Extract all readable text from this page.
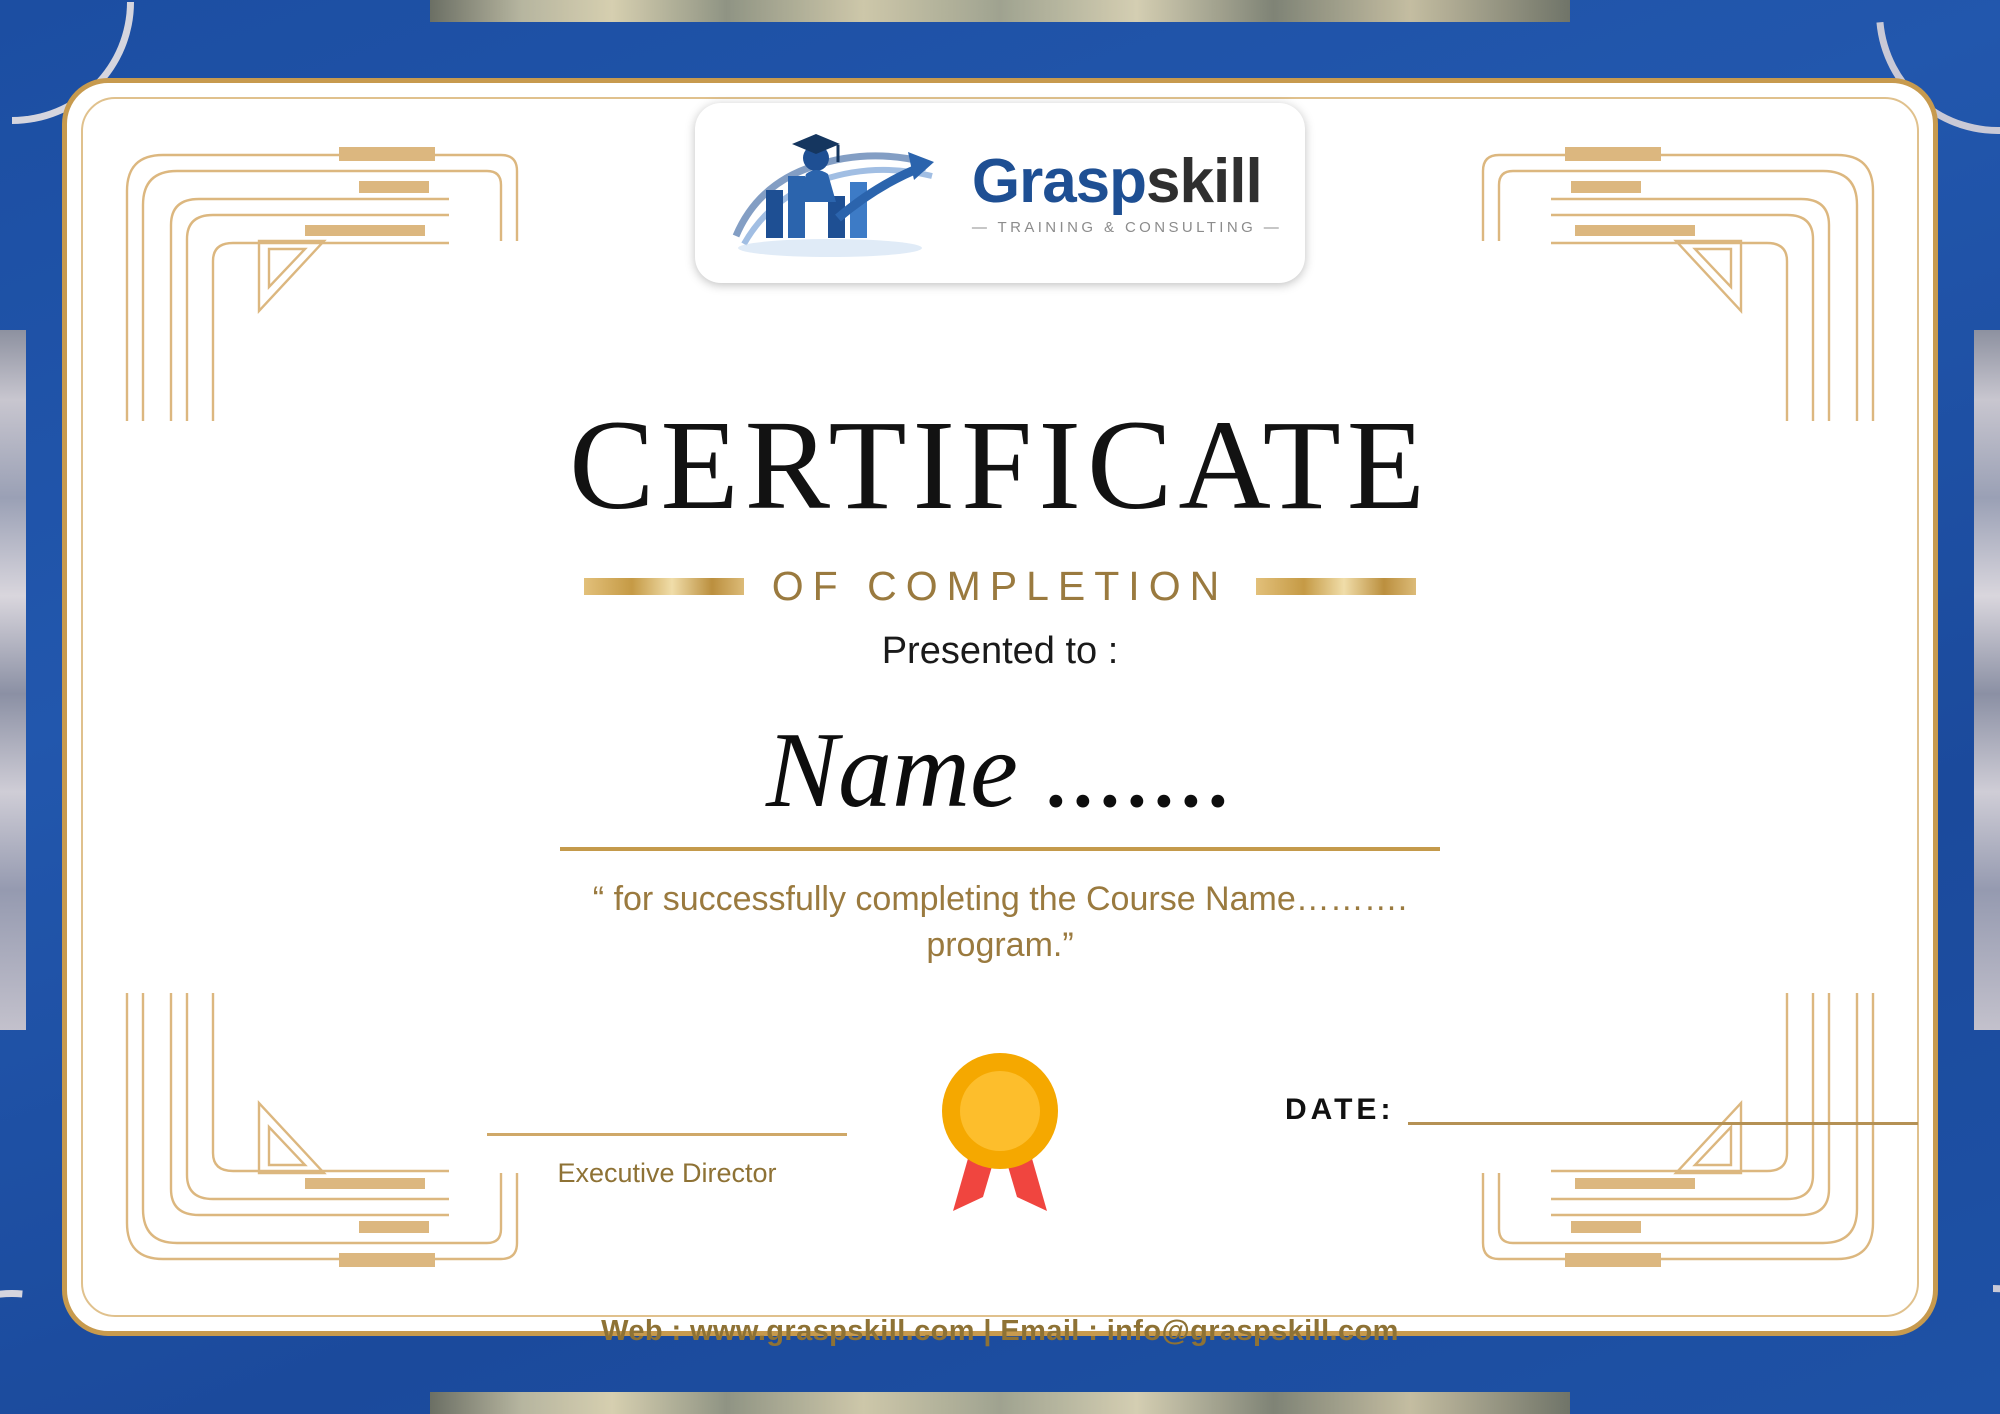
Graspskill
— TRAINING & CONSULTING —
CERTIFICATE
OF COMPLETION
Presented to :
Name .......
“ for successfully completing the Course Name………. program.”
Executive Director
DATE:
Web : www.graspskill.com | Email : info@graspskill.com
